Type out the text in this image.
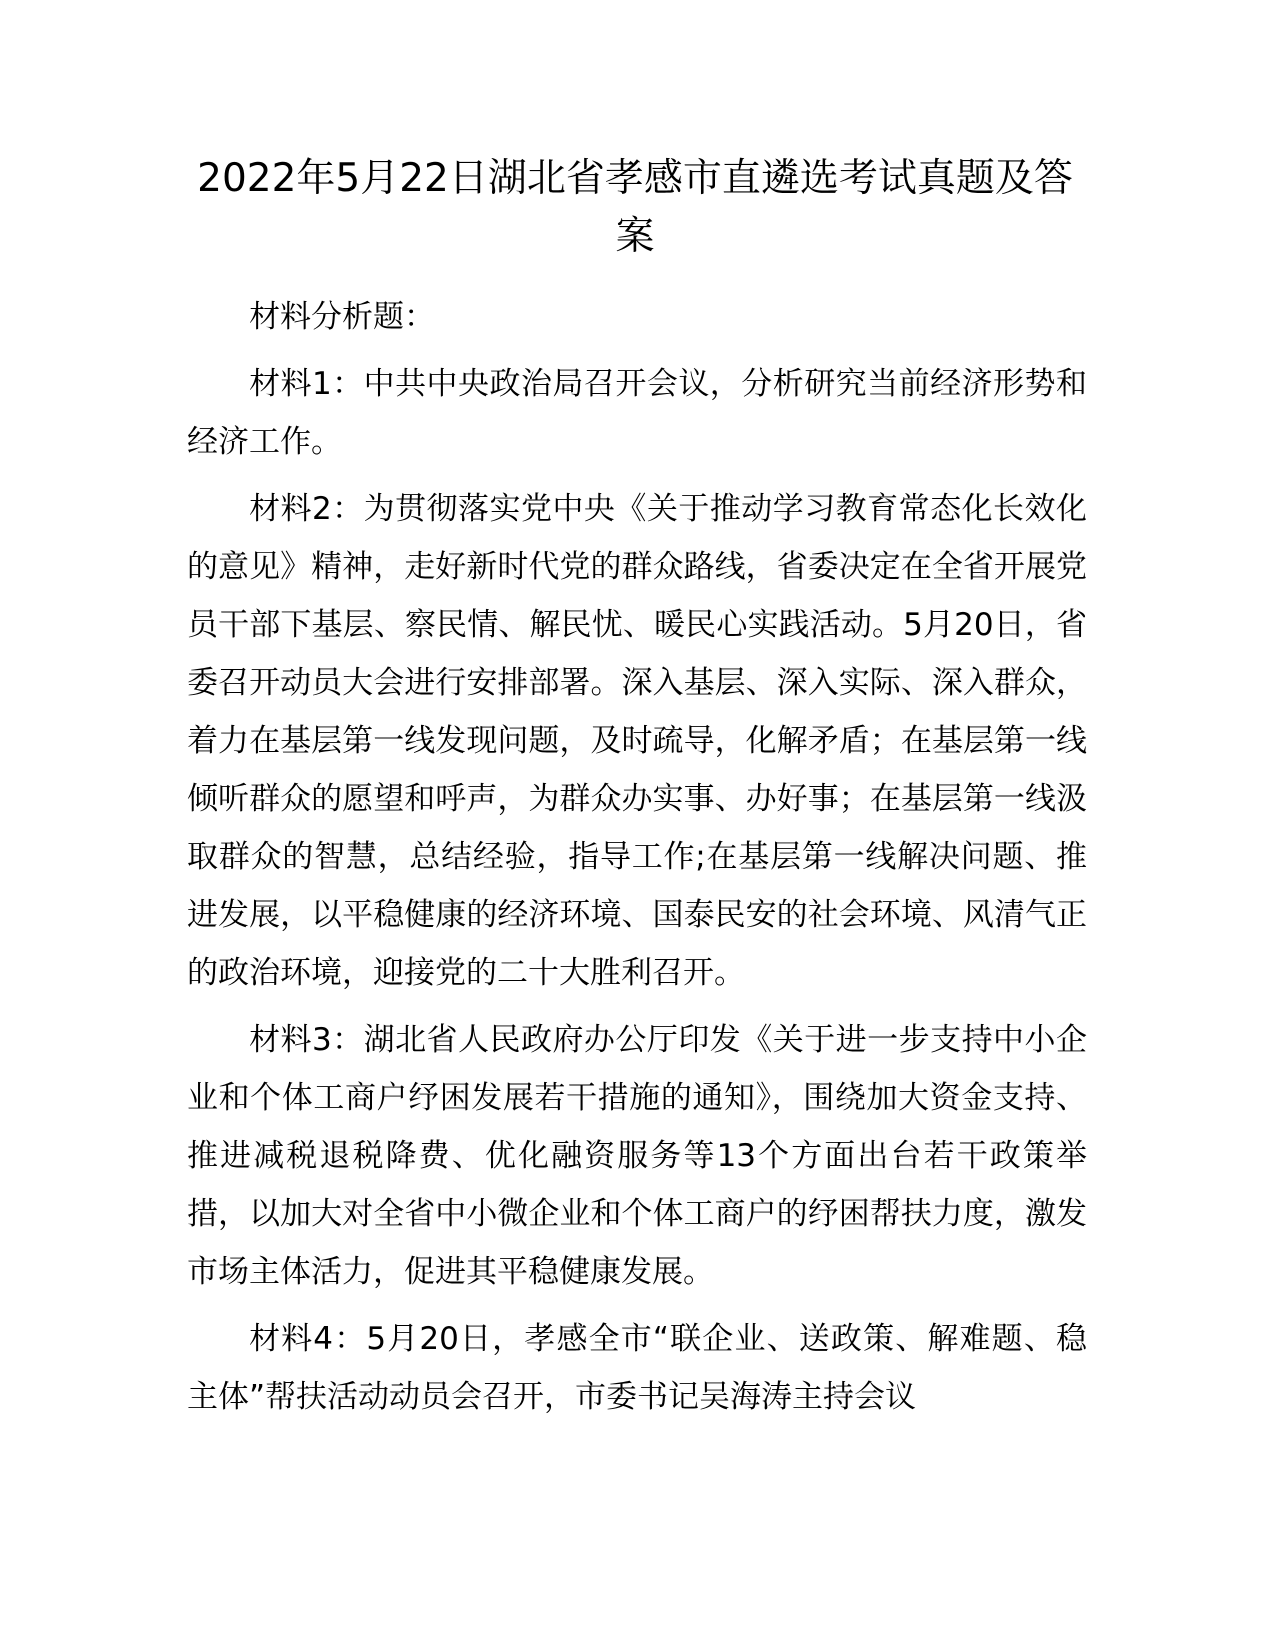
2022年5月22日湖北省孝感市直遴选考试真题及答案

材料分析题：

材料1：中共中央政治局召开会议，分析研究当前经济形势和经济工作。

材料2：为贯彻落实党中央《关于推动学习教育常态化长效化的意见》精神，走好新时代党的群众路线，省委决定在全省开展党员干部下基层、察民情、解民忧、暖民心实践活动。5月20日，省委召开动员大会进行安排部署。深入基层、深入实际、深入群众，着力在基层第一线发现问题，及时疏导，化解矛盾；在基层第一线倾听群众的愿望和呼声，为群众办实事、办好事；在基层第一线汲取群众的智慧，总结经验，指导工作;在基层第一线解决问题、推进发展，以平稳健康的经济环境、国泰民安的社会环境、风清气正的政治环境，迎接党的二十大胜利召开。

材料3：湖北省人民政府办公厅印发《关于进一步支持中小企业和个体工商户纾困发展若干措施的通知》，围绕加大资金支持、推进减税退税降费、优化融资服务等13个方面出台若干政策举措，以加大对全省中小微企业和个体工商户的纾困帮扶力度，激发市场主体活力，促进其平稳健康发展。

材料4：5月20日，孝感全市“联企业、送政策、解难题、稳主体”帮扶活动动员会召开，市委书记吴海涛主持会议
